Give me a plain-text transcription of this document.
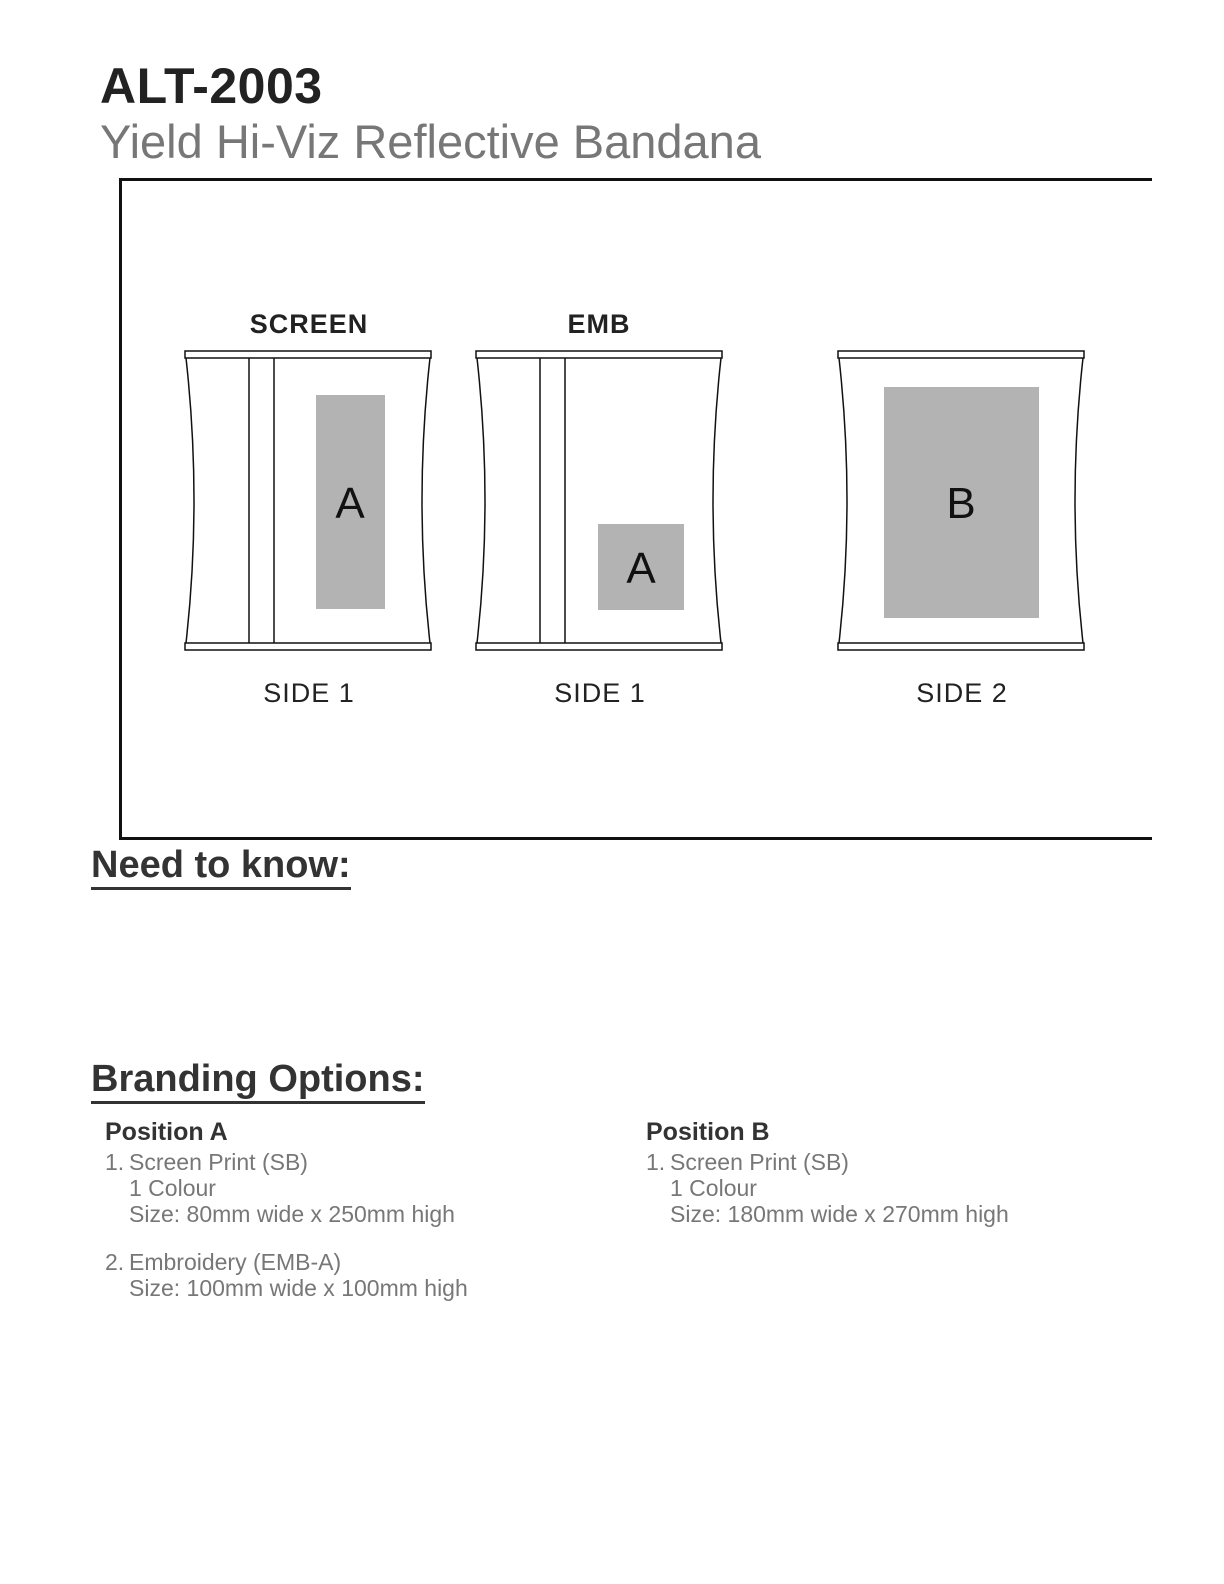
ALT-2003
Yield Hi-Viz Reflective Bandana
SCREEN
A
SIDE 1
EMB
A
SIDE 1
B
SIDE 2
Need to know:
Branding Options:
Position A
1. Screen Print (SB)
1 Colour
Size: 80mm wide x 250mm high
2. Embroidery (EMB-A)
Size: 100mm wide x 100mm high
Position B
1. Screen Print (SB)
1 Colour
Size: 180mm wide x 270mm high
